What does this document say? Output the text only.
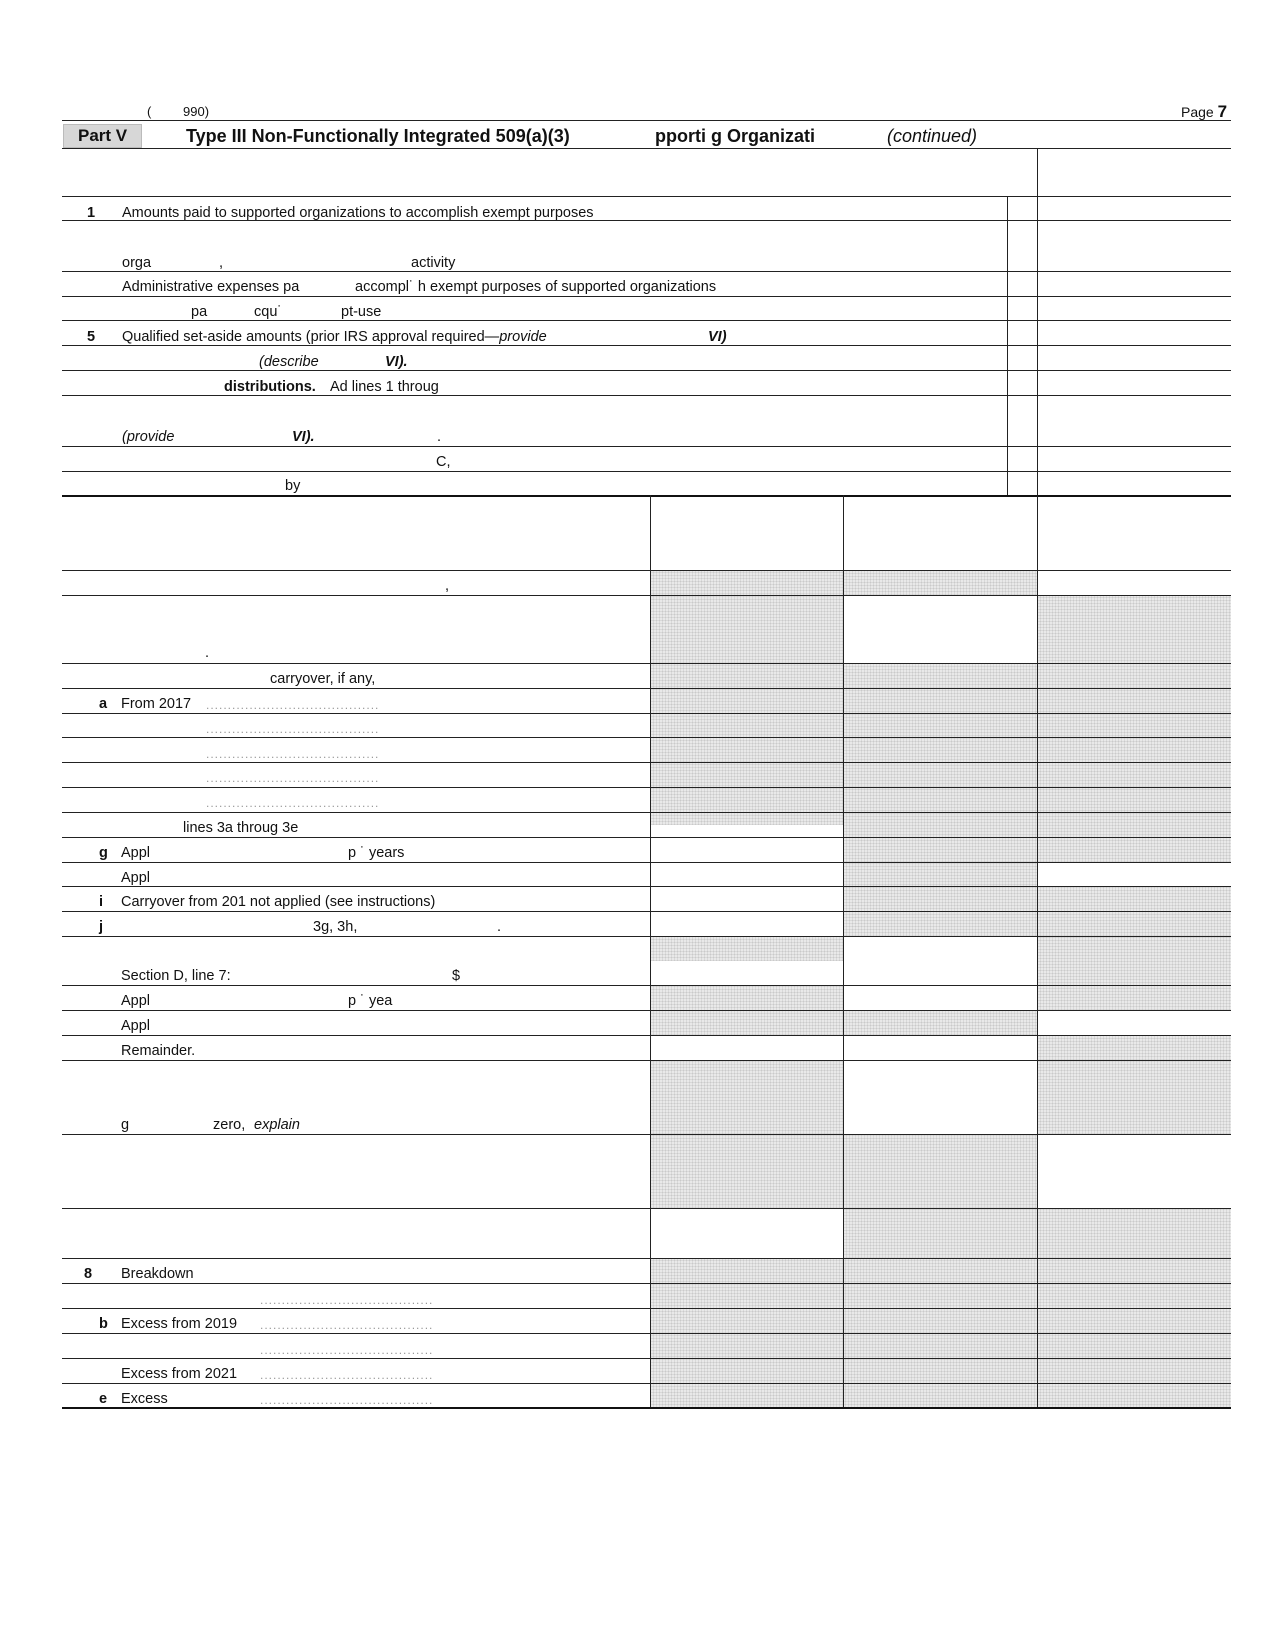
( 990)	Page 7
Part V	Type III Non-Functionally Integrated 509(a)(3)	pporti g Organizati	(continued)
1 Amounts paid to supported organizations to accomplish exempt purposes
orga	,	activity
Administrative expenses pa	accompl˙ h exempt purposes of supported organizations
pa	cqu˙	pt-use
5 Qualified set-aside amounts (prior IRS approval required—provide	VI)
(describe	VI).
distributions. Ad lines 1 throug
(provide	VI).	.
C,
by
,
.
carryover, if any,
a From 2017 ........................................
........................................
........................................
........................................
........................................
lines 3a throug 3e
g Appl	p ˙ years
Appl
i Carryover from 201 not applied (see instructions)
j	3g, 3h,	.
Section D, line 7:	$
Appl	p ˙ yea
Appl
Remainder.
g	zero, explain
8 Breakdown
........................................
b Excess from 2019 ........................................
........................................
Excess from 2021 ........................................
e Excess	........................................
